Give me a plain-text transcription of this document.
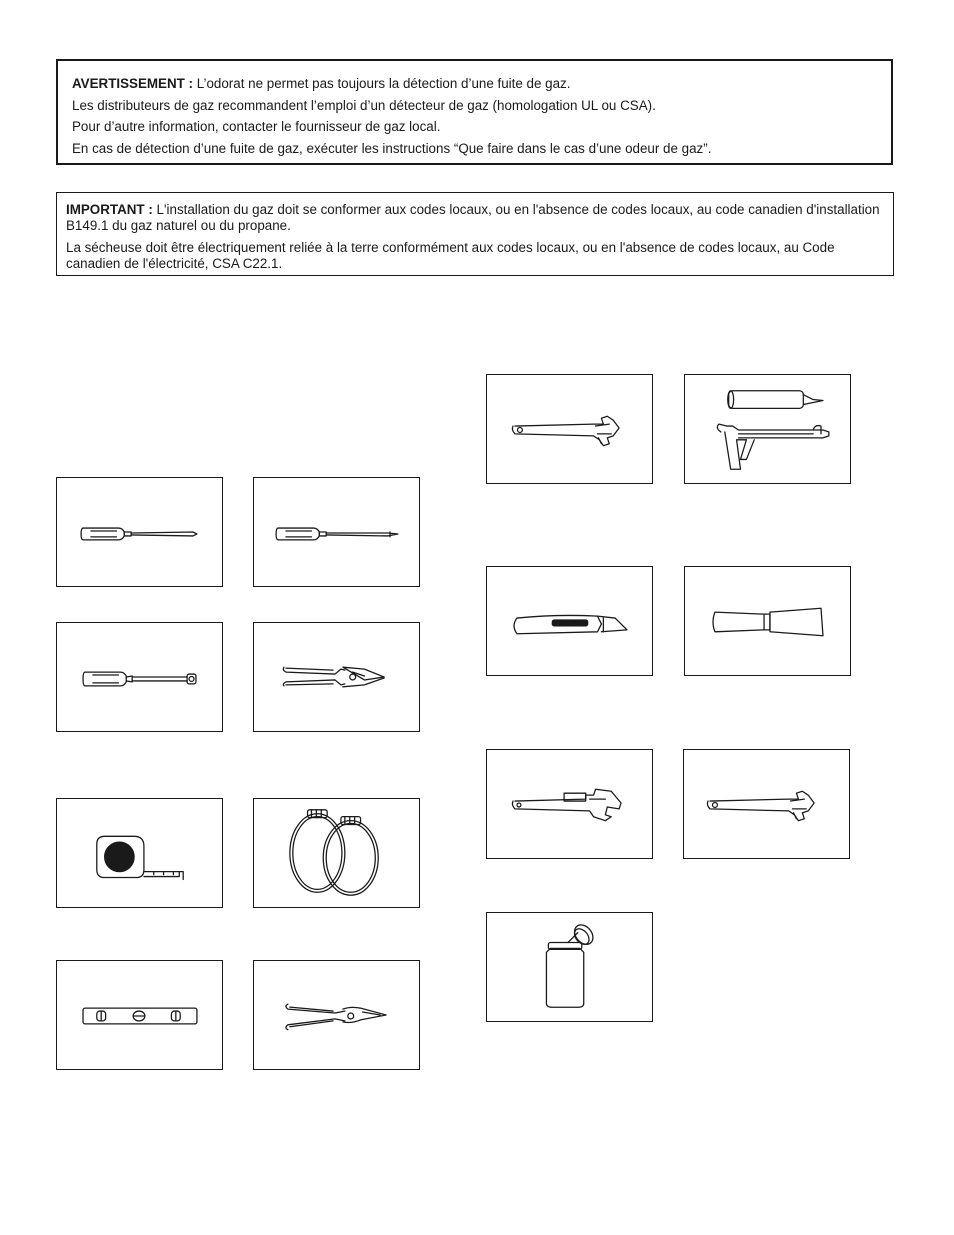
AVERTISSEMENT : L’odorat ne permet pas toujours la détection d’une fuite de gaz.

Les distributeurs de gaz recommandent l’emploi d’un détecteur de gaz (homologation UL ou CSA).

Pour d’autre information, contacter le fournisseur de gaz local.

En cas de détection d’une fuite de gaz, exécuter les instructions “Que faire dans le cas d’une odeur de gaz”.

IMPORTANT : L'installation du gaz doit se conformer aux codes locaux, ou en l'absence de codes locaux, au code canadien d'installation B149.1 du gaz naturel ou du propane.

La sécheuse doit être électriquement reliée à la terre conformément aux codes locaux, ou en l'absence de codes locaux, au Code canadien de l'électricité, CSA C22.1.
